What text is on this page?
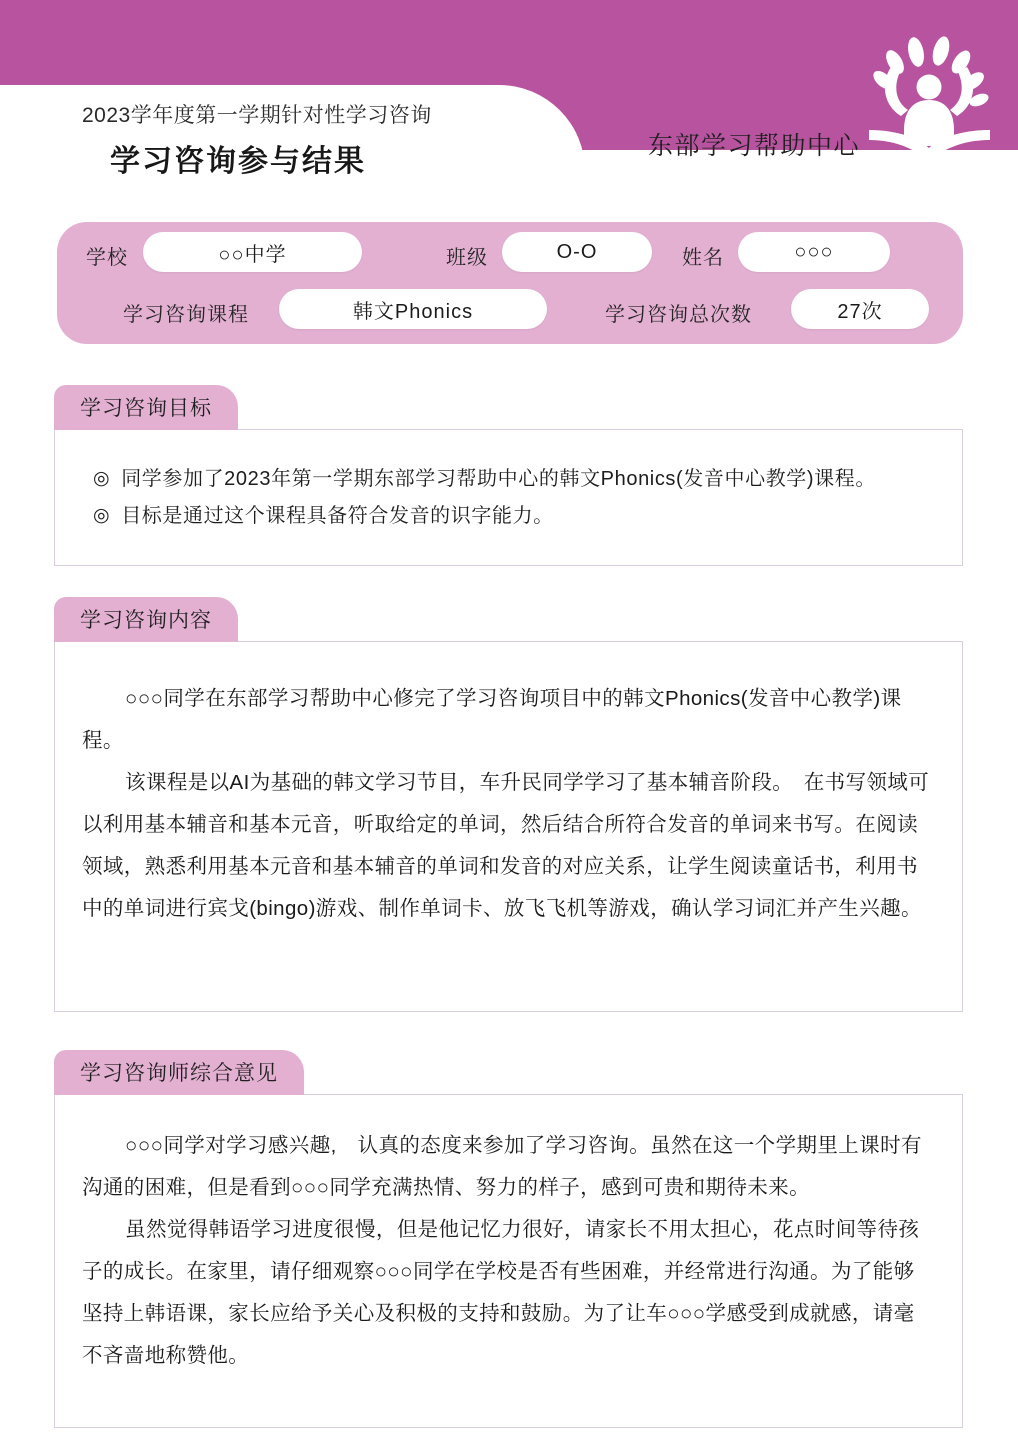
2023学年度第一学期针对性学习咨询
学习咨询参与结果	东部学习帮助中心
学校	○○中学	班级	O-O	姓名	○○○
学习咨询课程	韩文Phonics	学习咨询总次数	27次
学习咨询目标
◎ 同学参加了2023年第一学期东部学习帮助中心的韩文Phonics(发音中心教学)课程。
◎ 目标是通过这个课程具备符合发音的识字能力。
学习咨询内容

○○○同学在东部学习帮助中心修完了学习咨询项目中的韩文Phonics(发音中心教学)课程。

该课程是以AI为基础的韩文学习节目，车升民同学学习了基本辅音阶段。　在书写领域可以利用基本辅音和基本元音，听取给定的单词，然后结合所符合发音的单词来书写。在阅读领域，熟悉利用基本元音和基本辅音的单词和发音的对应关系，让学生阅读童话书，利用书中的单词进行宾戈(bingo)游戏、制作单词卡、放飞飞机等游戏，确认学习词汇并产生兴趣。

学习咨询师综合意见

○○○同学对学习感兴趣,　认真的态度来参加了学习咨询。虽然在这一个学期里上课时有沟通的困难，但是看到○○○同学充满热情、努力的样子，感到可贵和期待未来。

虽然觉得韩语学习进度很慢，但是他记忆力很好，请家长不用太担心，花点时间等待孩子的成长。在家里，请仔细观察○○○同学在学校是否有些困难，并经常进行沟通。为了能够坚持上韩语课，家长应给予关心及积极的支持和鼓励。为了让车○○○学感受到成就感，请毫不吝啬地称赞他。
